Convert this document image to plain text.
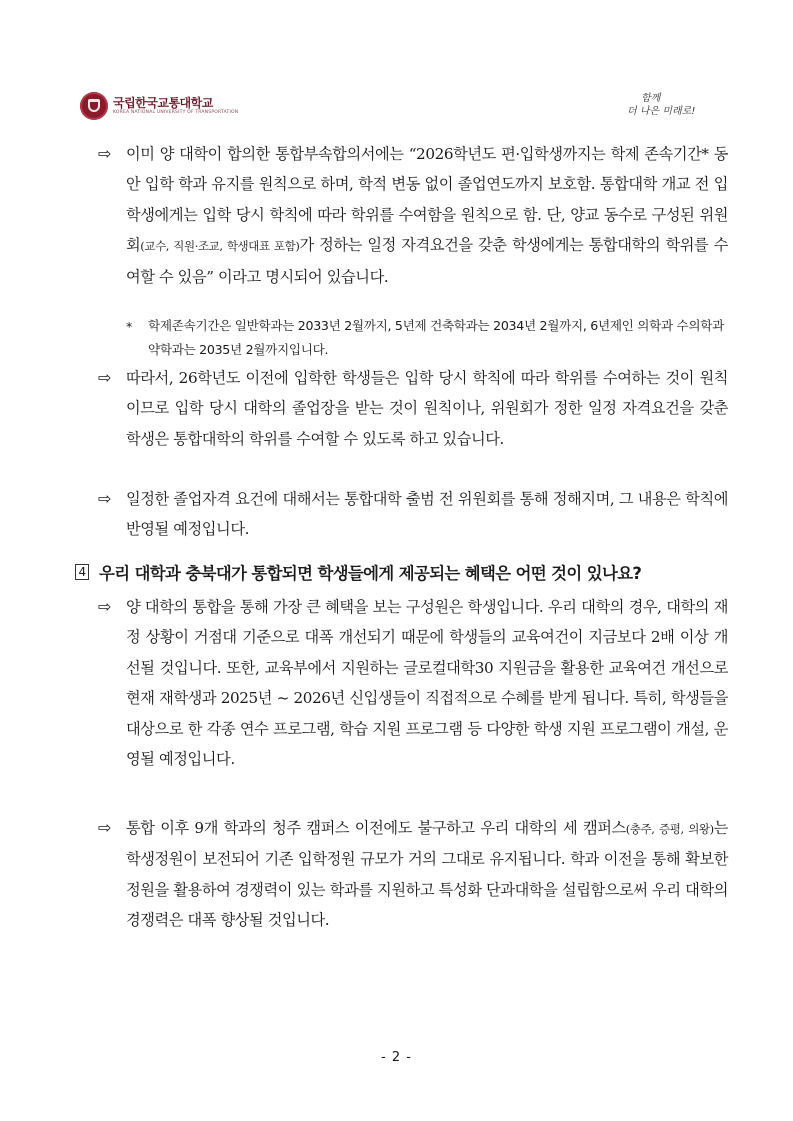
국립한국교통대학교
KOREA NATIONAL UNIVERSITY OF TRANSPORTATION
함께
더 나은 미래로!
⇨ 이미 양 대학이 합의한 통합부속합의서에는 “2026학년도 편·입학생까지는 학제 존속기간* 동안 입학 학과 유지를 원칙으로 하며, 학적 변동 없이 졸업연도까지 보호함. 통합대학 개교 전 입학생에게는 입학 당시 학칙에 따라 학위를 수여함을 원칙으로 함. 단, 양교 동수로 구성된 위원회(교수, 직원·조교, 학생대표 포함)가 정하는 일정 자격요건을 갖춘 학생에게는 통합대학의 학위를 수여할 수 있음” 이라고 명시되어 있습니다.
*	학제존속기간은 일반학과는 2033년 2월까지, 5년제 건축학과는 2034년 2월까지, 6년제인 의학과 수의학과 약학과는 2035년 2월까지입니다.
⇨ 따라서, 26학년도 이전에 입학한 학생들은 입학 당시 학칙에 따라 학위를 수여하는 것이 원칙이므로 입학 당시 대학의 졸업장을 받는 것이 원칙이나, 위원회가 정한 일정 자격요건을 갖춘 학생은 통합대학의 학위를 수여할 수 있도록 하고 있습니다.
⇨ 일정한 졸업자격 요건에 대해서는 통합대학 출범 전 위원회를 통해 정해지며, 그 내용은 학칙에 반영될 예정입니다.
4 우리 대학과 충북대가 통합되면 학생들에게 제공되는 혜택은 어떤 것이 있나요?
⇨ 양 대학의 통합을 통해 가장 큰 혜택을 보는 구성원은 학생입니다. 우리 대학의 경우, 대학의 재정 상황이 거점대 기준으로 대폭 개선되기 때문에 학생들의 교육여건이 지금보다 2배 이상 개선될 것입니다. 또한, 교육부에서 지원하는 글로컬대학30 지원금을 활용한 교육여건 개선으로 현재 재학생과 2025년 ~ 2026년 신입생들이 직접적으로 수혜를 받게 됩니다. 특히, 학생들을 대상으로 한 각종 연수 프로그램, 학습 지원 프로그램 등 다양한 학생 지원 프로그램이 개설, 운영될 예정입니다.
⇨ 통합 이후 9개 학과의 청주 캠퍼스 이전에도 불구하고 우리 대학의 세 캠퍼스(충주, 증평, 의왕)는 학생정원이 보전되어 기존 입학정원 규모가 거의 그대로 유지됩니다. 학과 이전을 통해 확보한 정원을 활용하여 경쟁력이 있는 학과를 지원하고 특성화 단과대학을 설립함으로써 우리 대학의 경쟁력은 대폭 향상될 것입니다.
- 2 -
